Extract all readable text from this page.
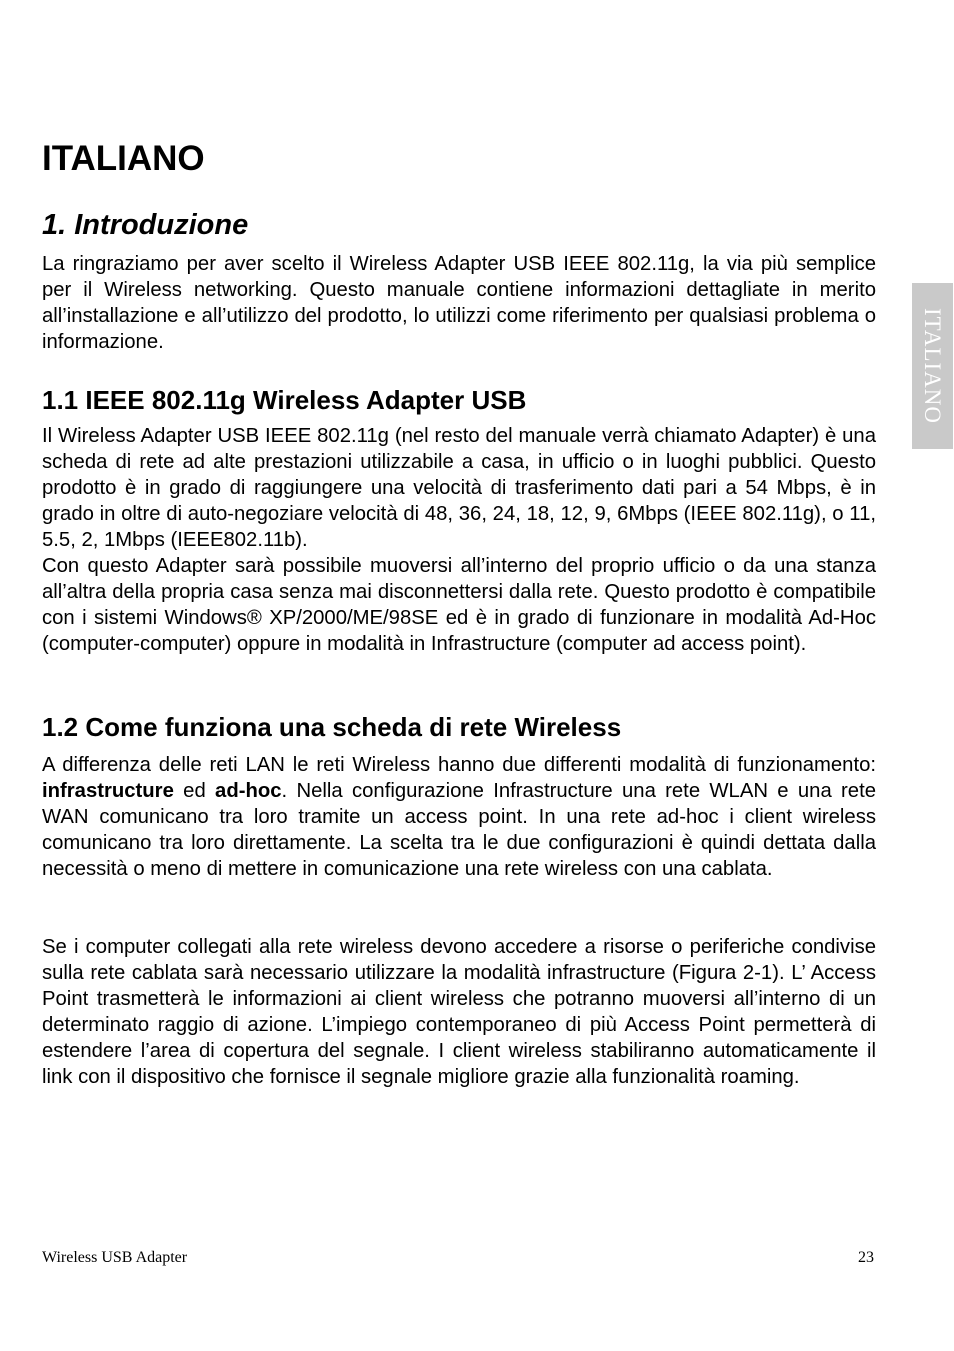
ITALIANO
ITALIANO
1. Introduzione

La ringraziamo per aver scelto il Wireless Adapter USB IEEE 802.11g, la via più semplice per il Wireless networking. Questo manuale contiene informazioni dettagliate in merito all’installazione e all’utilizzo del prodotto, lo utilizzi come riferimento per qualsiasi problema o informazione.

1.1 IEEE 802.11g Wireless Adapter USB

Il Wireless Adapter USB IEEE 802.11g (nel resto del manuale verrà chiamato Adapter) è una scheda di rete ad alte prestazioni utilizzabile a casa, in ufficio o in luoghi pubblici. Questo prodotto è in grado di raggiungere una velocità di trasferimento dati pari a 54 Mbps, è in grado in oltre di auto-negoziare velocità di 48, 36, 24, 18, 12, 9, 6Mbps (IEEE 802.11g), o 11, 5.5, 2, 1Mbps (IEEE802.11b).

Con questo Adapter sarà possibile muoversi all’interno del proprio ufficio o da una stanza all’altra della propria casa senza mai disconnettersi dalla rete. Questo prodotto è compatibile con i sistemi Windows® XP/2000/ME/98SE ed è in grado di funzionare in modalità Ad-Hoc (computer-computer) oppure in modalità in Infrastructure (computer ad access point).

1.2 Come funziona una scheda di rete Wireless

A differenza delle reti LAN le reti Wireless hanno due differenti modalità di funzionamento: infrastructure ed ad-hoc. Nella configurazione Infrastructure una rete WLAN e una rete WAN comunicano tra loro tramite un access point. In una rete ad-hoc i client wireless comunicano tra loro direttamente. La scelta tra le due configurazioni è quindi dettata dalla necessità o meno di mettere in comunicazione una rete wireless con una cablata.

Se i computer collegati alla rete wireless devono accedere a risorse o periferiche condivise sulla rete cablata sarà necessario utilizzare la modalità infrastructure (Figura 2-1). L’ Access Point trasmetterà le informazioni ai client wireless che potranno muoversi all’interno di un determinato raggio di azione. L’impiego contemporaneo di più Access Point permetterà di estendere l’area di copertura del segnale. I client wireless stabiliranno automaticamente il link con il dispositivo che fornisce il segnale migliore grazie alla funzionalità roaming.

Wireless USB Adapter	23
